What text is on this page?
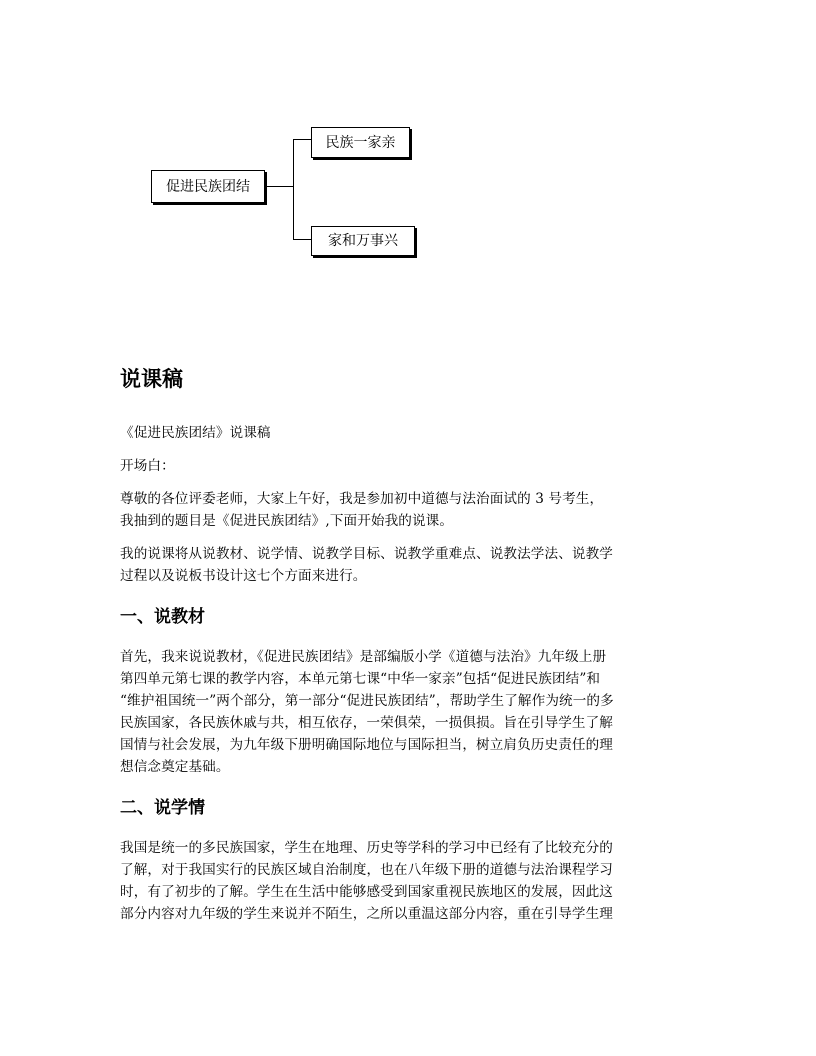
促进民族团结
民族一家亲
家和万事兴
说课稿
《促进民族团结》说课稿
开场白：
尊敬的各位评委老师，大家上午好，我是参加初中道德与法治面试的 3 号考生，
我抽到的题目是《促进民族团结》,下面开始我的说课。
我的说课将从说教材、说学情、说教学目标、说教学重难点、说教法学法、说教学
过程以及说板书设计这七个方面来进行。
一、说教材
首先，我来说说教材，《促进民族团结》是部编版小学《道德与法治》九年级上册
第四单元第七课的教学内容，本单元第七课“中华一家亲”包括“促进民族团结”和
“维护祖国统一”两个部分，第一部分“促进民族团结”，帮助学生了解作为统一的多
民族国家，各民族休戚与共，相互依存，一荣俱荣，一损俱损。旨在引导学生了解
国情与社会发展，为九年级下册明确国际地位与国际担当，树立肩负历史责任的理
想信念奠定基础。
二、说学情
我国是统一的多民族国家，学生在地理、历史等学科的学习中已经有了比较充分的
了解，对于我国实行的民族区域自治制度，也在八年级下册的道德与法治课程学习
时，有了初步的了解。学生在生活中能够感受到国家重视民族地区的发展，因此这
部分内容对九年级的学生来说并不陌生，之所以重温这部分内容，重在引导学生理
